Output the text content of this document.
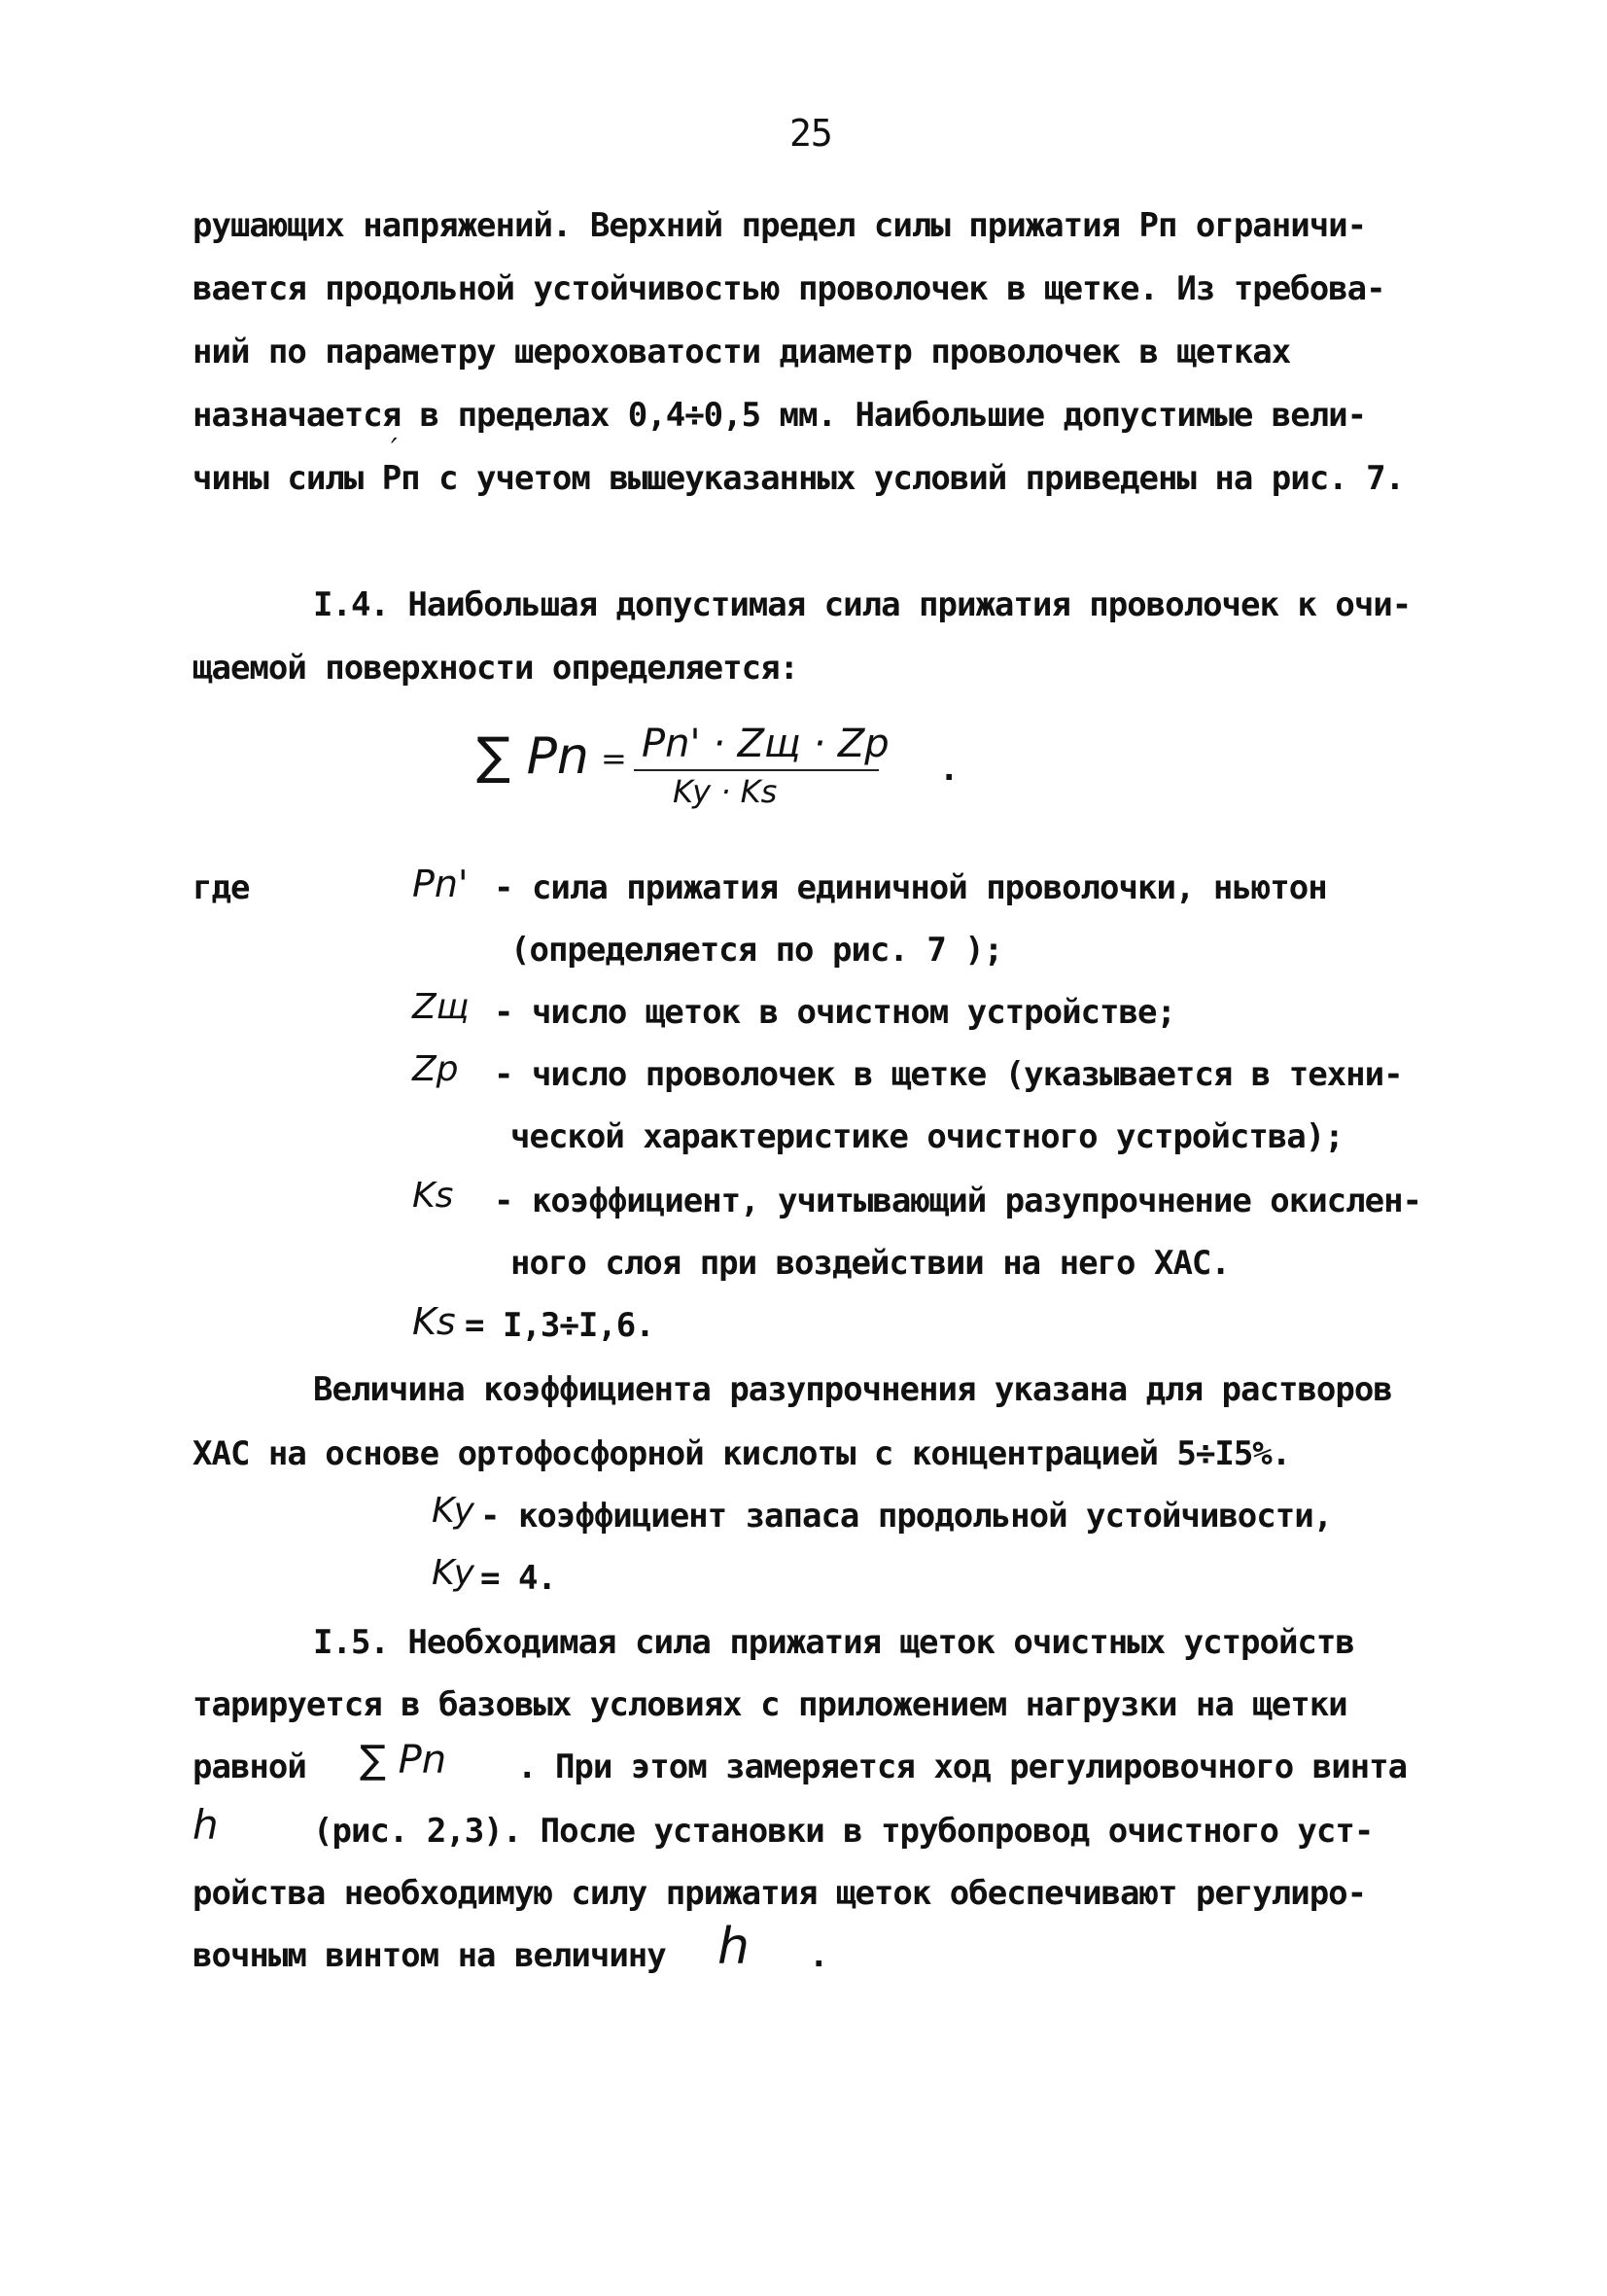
25
рушающих напряжений. Верхний предел силы прижатия Рп ограничи-
вается продольной устойчивостью проволочек в щетке. Из требова-
ний по параметру шероховатости диаметр проволочек в щетках
назначается в пределах 0,4÷0,5 мм. Наибольшие допустимые вели-
′
чины силы Рп с учетом вышеуказанных условий приведены на рис. 7.
I.4. Наибольшая допустимая сила прижатия проволочек к очи-
щаемой поверхности определяется:
∑ Pn = Pn' · Zщ · Zp
Ky · Ks
.
где	Pn' - сила прижатия единичной проволочки, ньютон
(определяется по рис. 7 );
Zщ - число щеток в очистном устройстве;
Zp - число проволочек в щетке (указывается в техни-
ческой характеристике очистного устройства);
Ks - коэффициент, учитывающий разупрочнение окислен-
ного слоя при воздействии на него ХАС.
Ks = I,3÷I,6.
Величина коэффициента разупрочнения указана для растворов
ХАС на основе ортофосфорной кислоты с концентрацией 5÷I5%.
Ky - коэффициент запаса продольной устойчивости,
Ky = 4.
I.5. Необходимая сила прижатия щеток очистных устройств
тарируется в базовых условиях с приложением нагрузки на щетки
равной ∑ Pn . При этом замеряется ход регулировочного винта
h	(рис. 2,3). После установки в трубопровод очистного уст-
ройства необходимую силу прижатия щеток обеспечивают регулиро-
вочным винтом на величину h .
